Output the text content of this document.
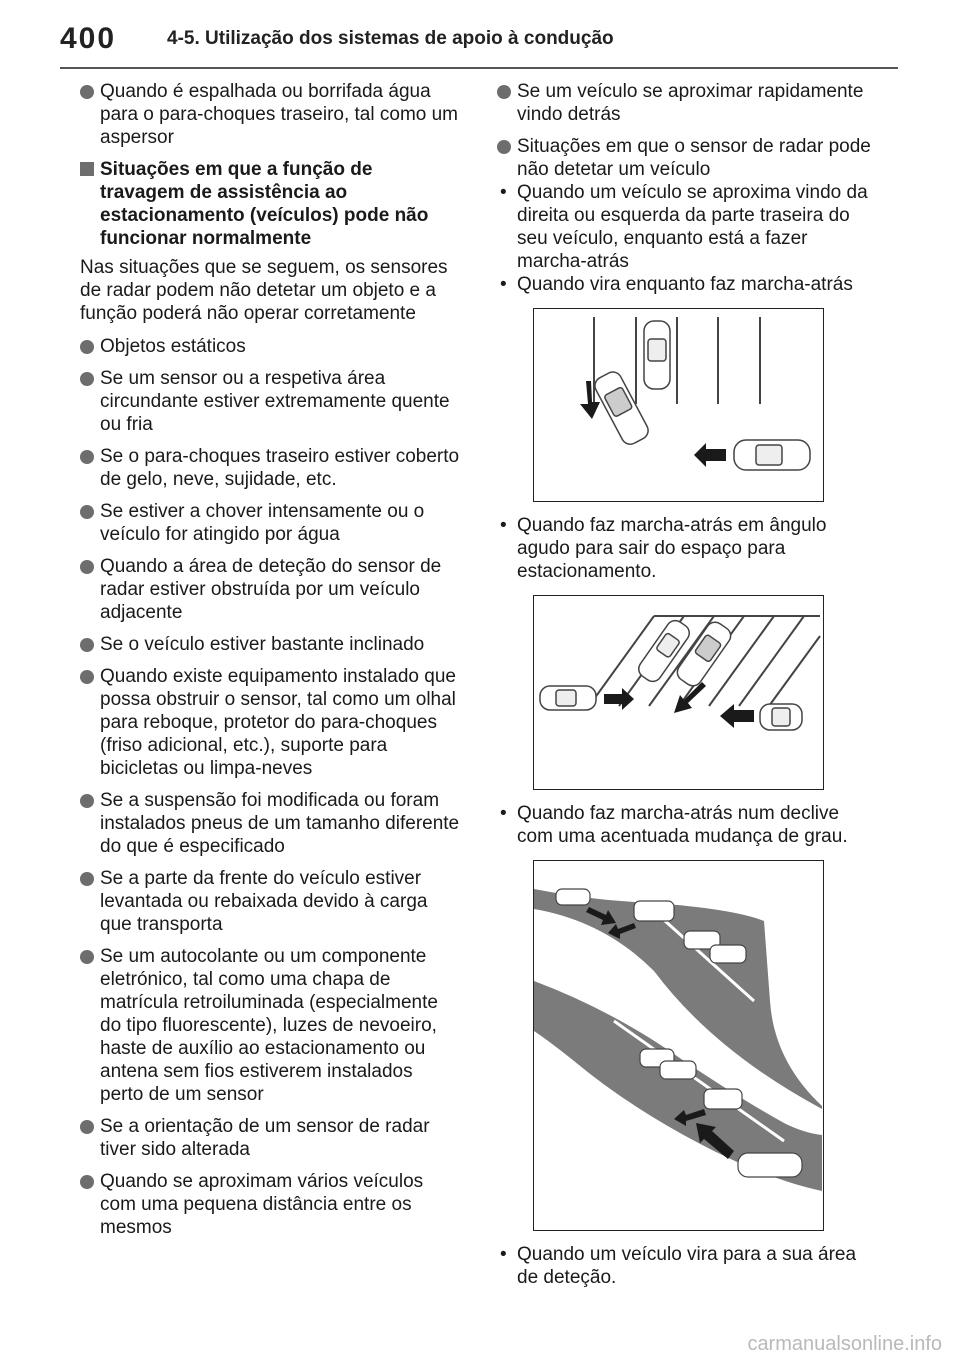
400	4-5. Utilização dos sistemas de apoio à condução
Quando é espalhada ou borrifada água para o para-choques traseiro, tal como um aspersor
Situações em que a função de travagem de assistência ao estacionamento (veículos) pode não funcionar normalmente
Nas situações que se seguem, os sensores de radar podem não detetar um objeto e a função poderá não operar corretamente
Objetos estáticos
Se um sensor ou a respetiva área circundante estiver extremamente quente ou fria
Se o para-choques traseiro estiver coberto de gelo, neve, sujidade, etc.
Se estiver a chover intensamente ou o veículo for atingido por água
Quando a área de deteção do sensor de radar estiver obstruída por um veículo adjacente
Se o veículo estiver bastante inclinado
Quando existe equipamento instalado que possa obstruir o sensor, tal como um olhal para reboque, protetor do para-choques (friso adicional, etc.), suporte para bicicletas ou limpa-neves
Se a suspensão foi modificada ou foram instalados pneus de um tamanho diferente do que é especificado
Se a parte da frente do veículo estiver levantada ou rebaixada devido à carga que transporta
Se um autocolante ou um componente eletrónico, tal como uma chapa de matrícula retroiluminada (especialmente do tipo fluorescente), luzes de nevoeiro, haste de auxílio ao estacionamento ou antena sem fios estiverem instalados perto de um sensor
Se a orientação de um sensor de radar tiver sido alterada
Quando se aproximam vários veículos com uma pequena distância entre os mesmos
Se um veículo se aproximar rapidamente vindo detrás
Situações em que o sensor de radar pode não detetar um veículo
• Quando um veículo se aproxima vindo da direita ou esquerda da parte traseira do seu veículo, enquanto está a fazer marcha-atrás
• Quando vira enquanto faz marcha-atrás
• Quando faz marcha-atrás em ângulo agudo para sair do espaço para estacionamento.
• Quando faz marcha-atrás num declive com uma acentuada mudança de grau.
• Quando um veículo vira para a sua área de deteção.
carmanualsonline.info
